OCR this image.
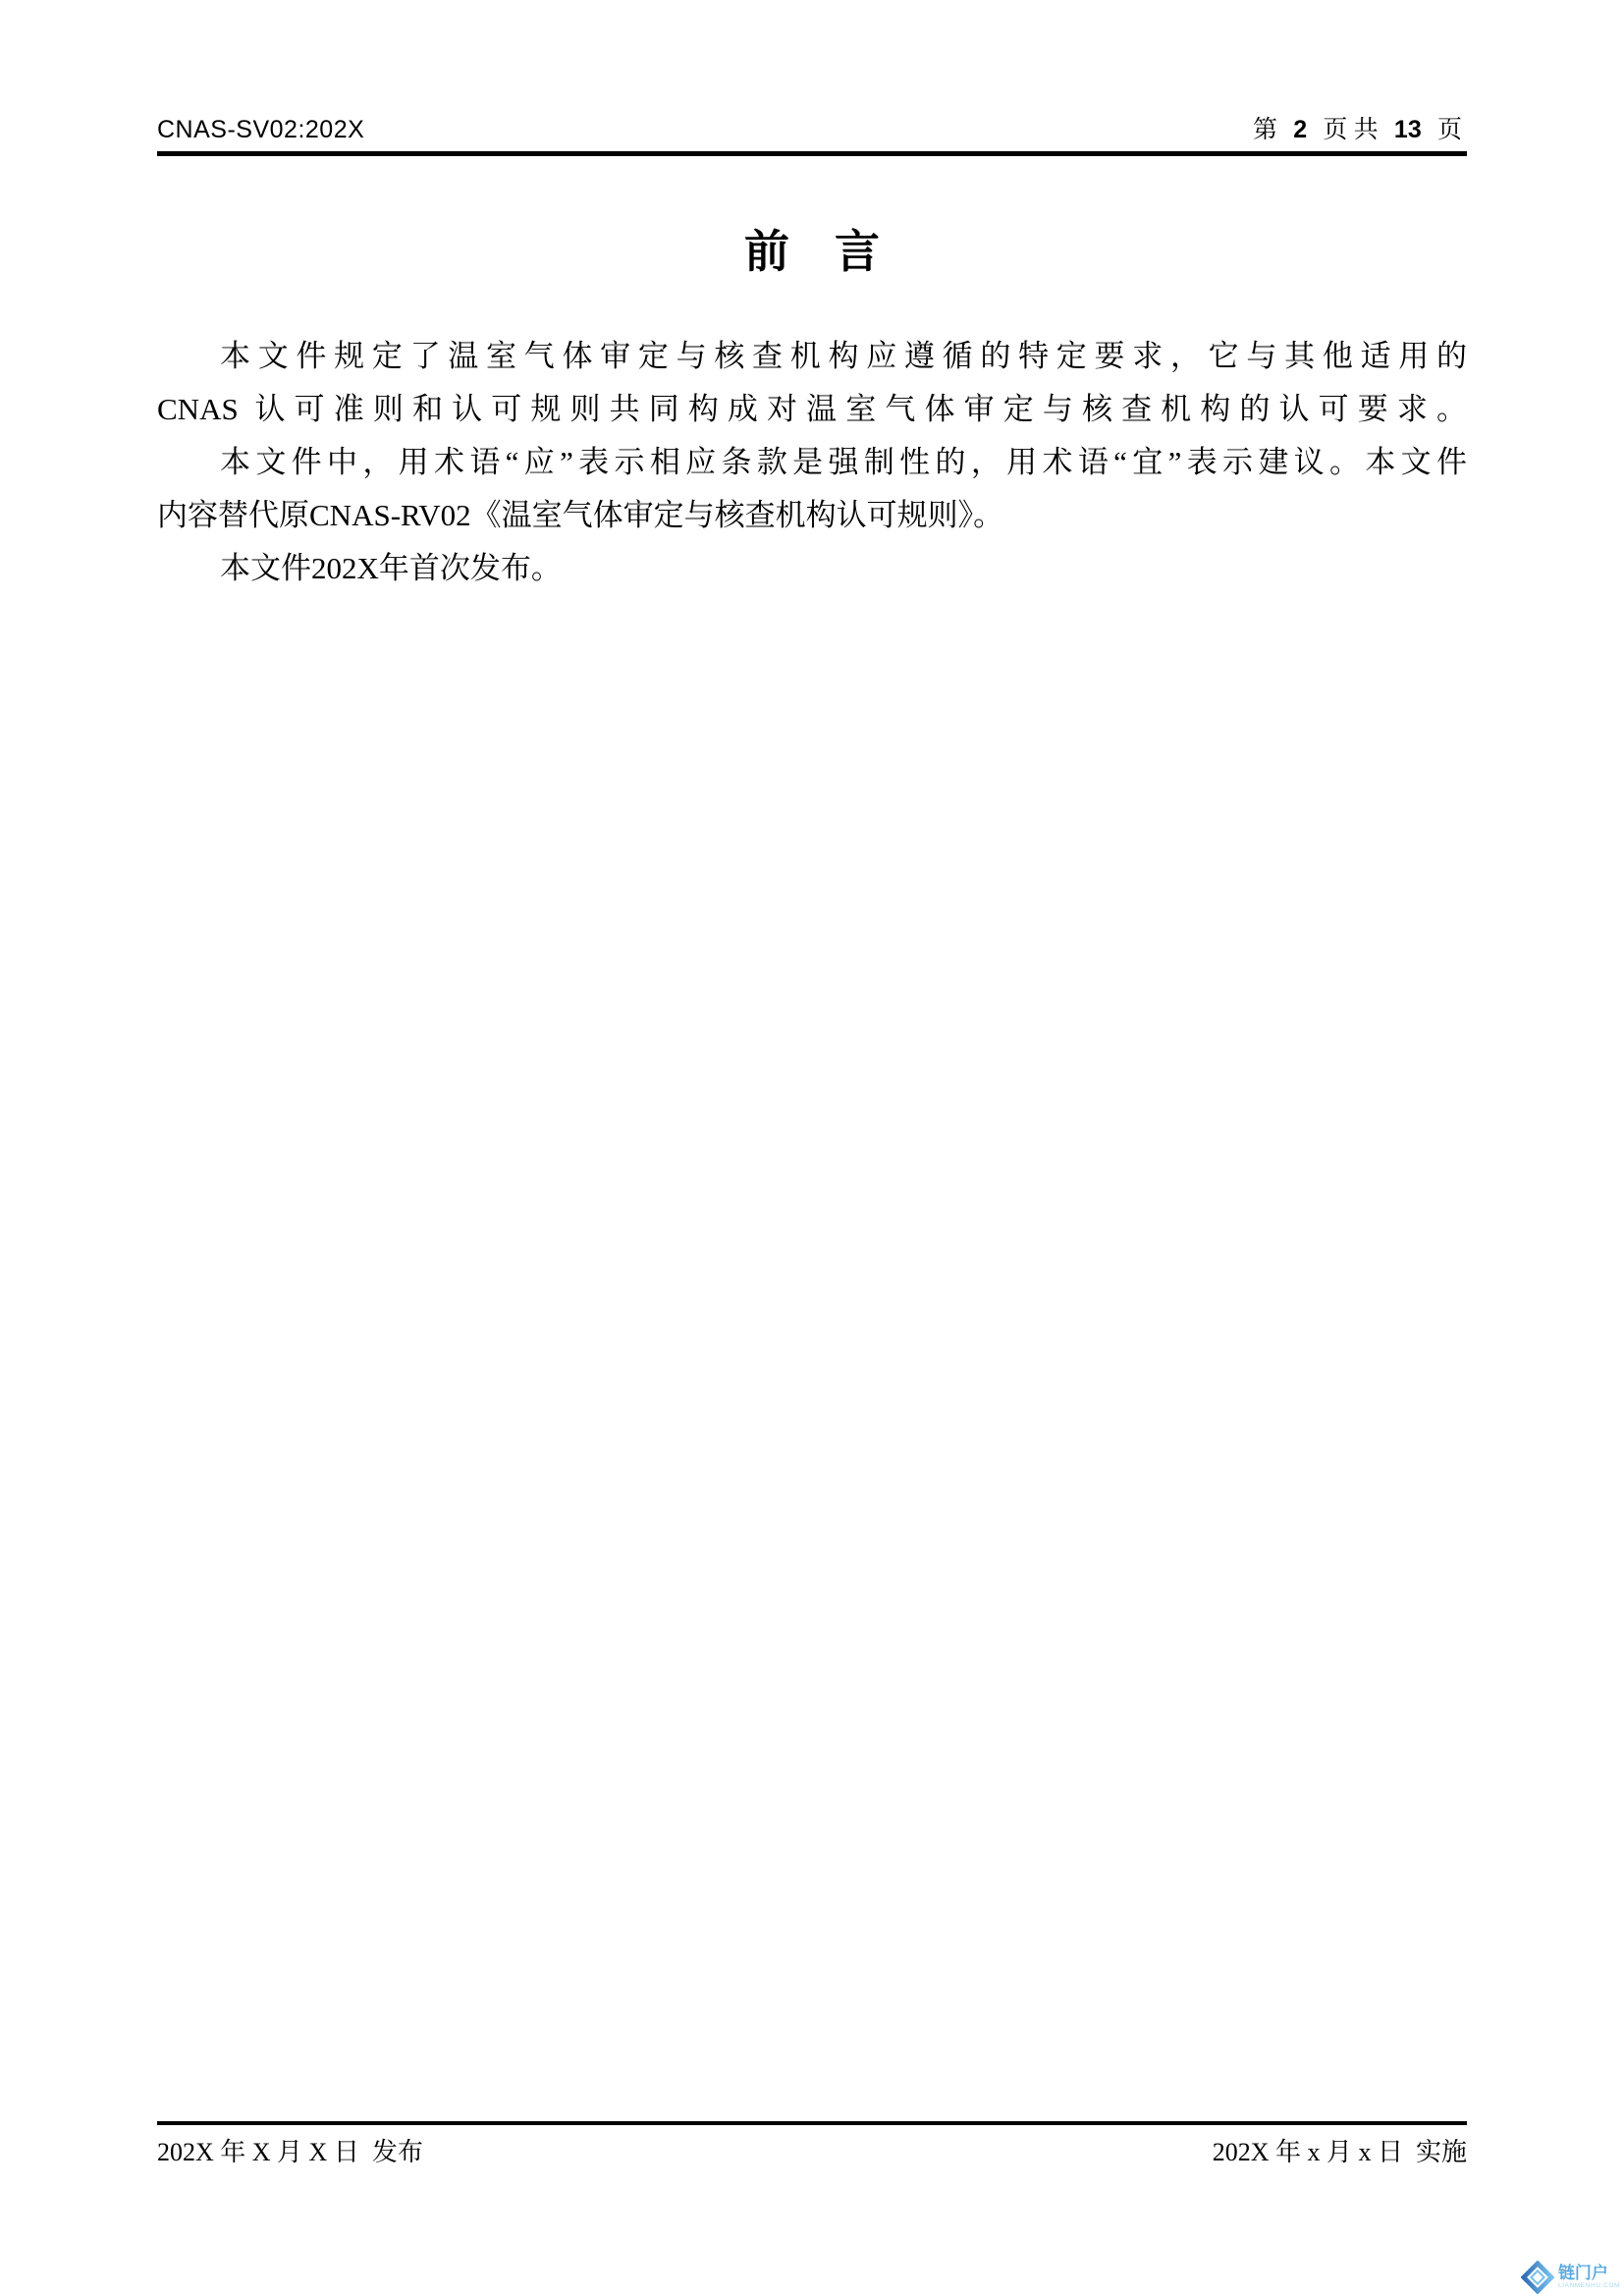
CNAS-SV02:202X	第 2 页 共 13 页
前　言
本文件规定了温室气体审定与核查机构应遵循的特定要求，它与其他适用的
CNAS 认可准则和认可规则共同构成对温室气体审定与核查机构的认可要求。
本文件中，用术语“应”表示相应条款是强制性的，用术语“宜”表示建议。本文件
内容替代原CNAS-RV02《温室气体审定与核查机构认可规则》。
本文件202X年首次发布。
202X 年 X 月 X 日  发布	202X 年 x 月 x 日  实施
链门户
LIANMENHU.COM
